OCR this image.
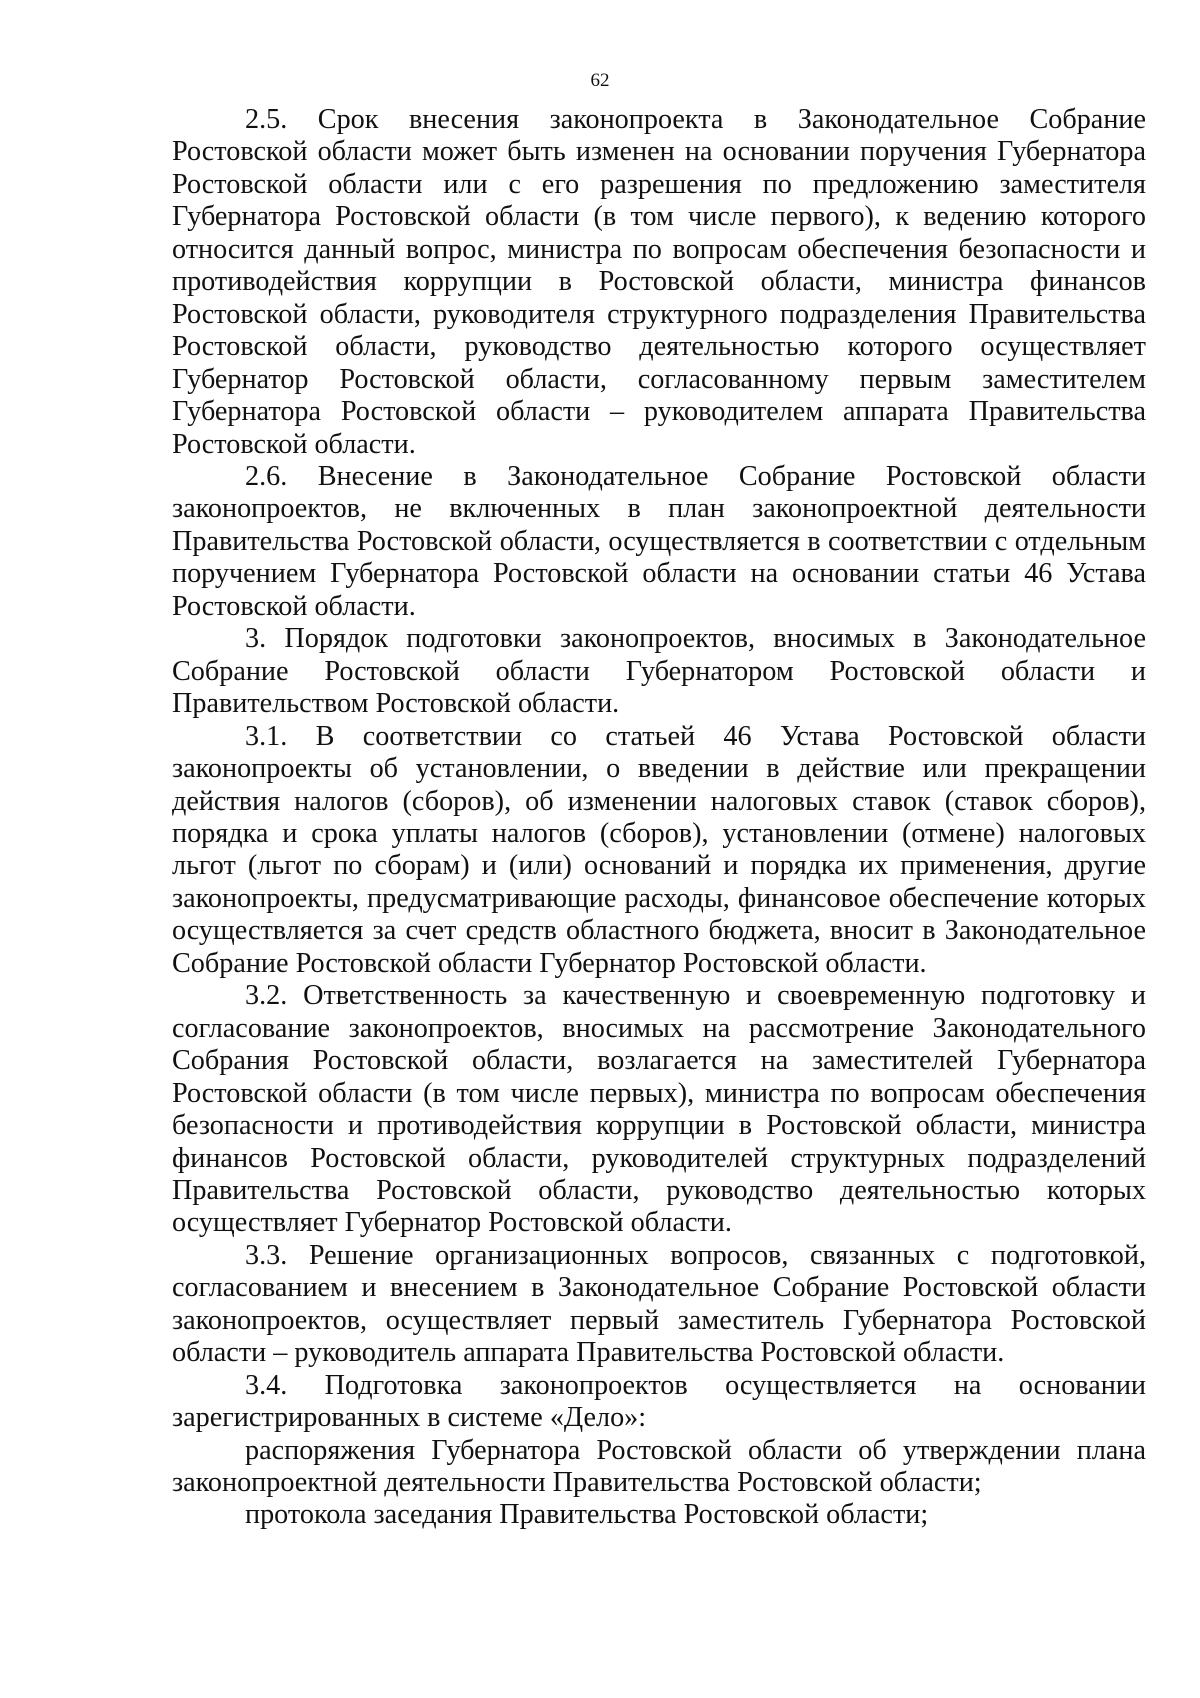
62

2.5. Срок внесения законопроекта в Законодательное Собрание Ростовской области может быть изменен на основании поручения Губернатора Ростовской области или с его разрешения по предложению заместителя Губернатора Ростовской области (в том числе первого), к ведению которого относится данный вопрос, министра по вопросам обеспечения безопасности и противодействия коррупции в Ростовской области, министра финансов Ростовской области, руководителя структурного подразделения Правительства Ростовской области, руководство деятельностью которого осуществляет Губернатор Ростовской области, согласованному первым заместителем Губернатора Ростовской области – руководителем аппарата Правительства Ростовской области.

2.6. Внесение в Законодательное Собрание Ростовской области законопроектов, не включенных в план законопроектной деятельности Правительства Ростовской области, осуществляется в соответствии с отдельным поручением Губернатора Ростовской области на основании статьи 46 Устава Ростовской области.

3. Порядок подготовки законопроектов, вносимых в Законодательное Собрание Ростовской области Губернатором Ростовской области и Правительством Ростовской области.

3.1. В соответствии со статьей 46 Устава Ростовской области законопроекты об установлении, о введении в действие или прекращении действия налогов (сборов), об изменении налоговых ставок (ставок сборов), порядка и срока уплаты налогов (сборов), установлении (отмене) налоговых льгот (льгот по сборам) и (или) оснований и порядка их применения, другие законопроекты, предусматривающие расходы, финансовое обеспечение которых осуществляется за счет средств областного бюджета, вносит в Законодательное Собрание Ростовской области Губернатор Ростовской области.

3.2. Ответственность за качественную и своевременную подготовку и согласование законопроектов, вносимых на рассмотрение Законодательного Собрания Ростовской области, возлагается на заместителей Губернатора Ростовской области (в том числе первых), министра по вопросам обеспечения безопасности и противодействия коррупции в Ростовской области, министра финансов Ростовской области, руководителей структурных подразделений Правительства Ростовской области, руководство деятельностью которых осуществляет Губернатор Ростовской области.

3.3. Решение организационных вопросов, связанных с подготовкой, согласованием и внесением в Законодательное Собрание Ростовской области законопроектов, осуществляет первый заместитель Губернатора Ростовской области – руководитель аппарата Правительства Ростовской области.

3.4. Подготовка законопроектов осуществляется на основании зарегистрированных в системе «Дело»:

распоряжения Губернатора Ростовской области об утверждении плана законопроектной деятельности Правительства Ростовской области;

протокола заседания Правительства Ростовской области;
